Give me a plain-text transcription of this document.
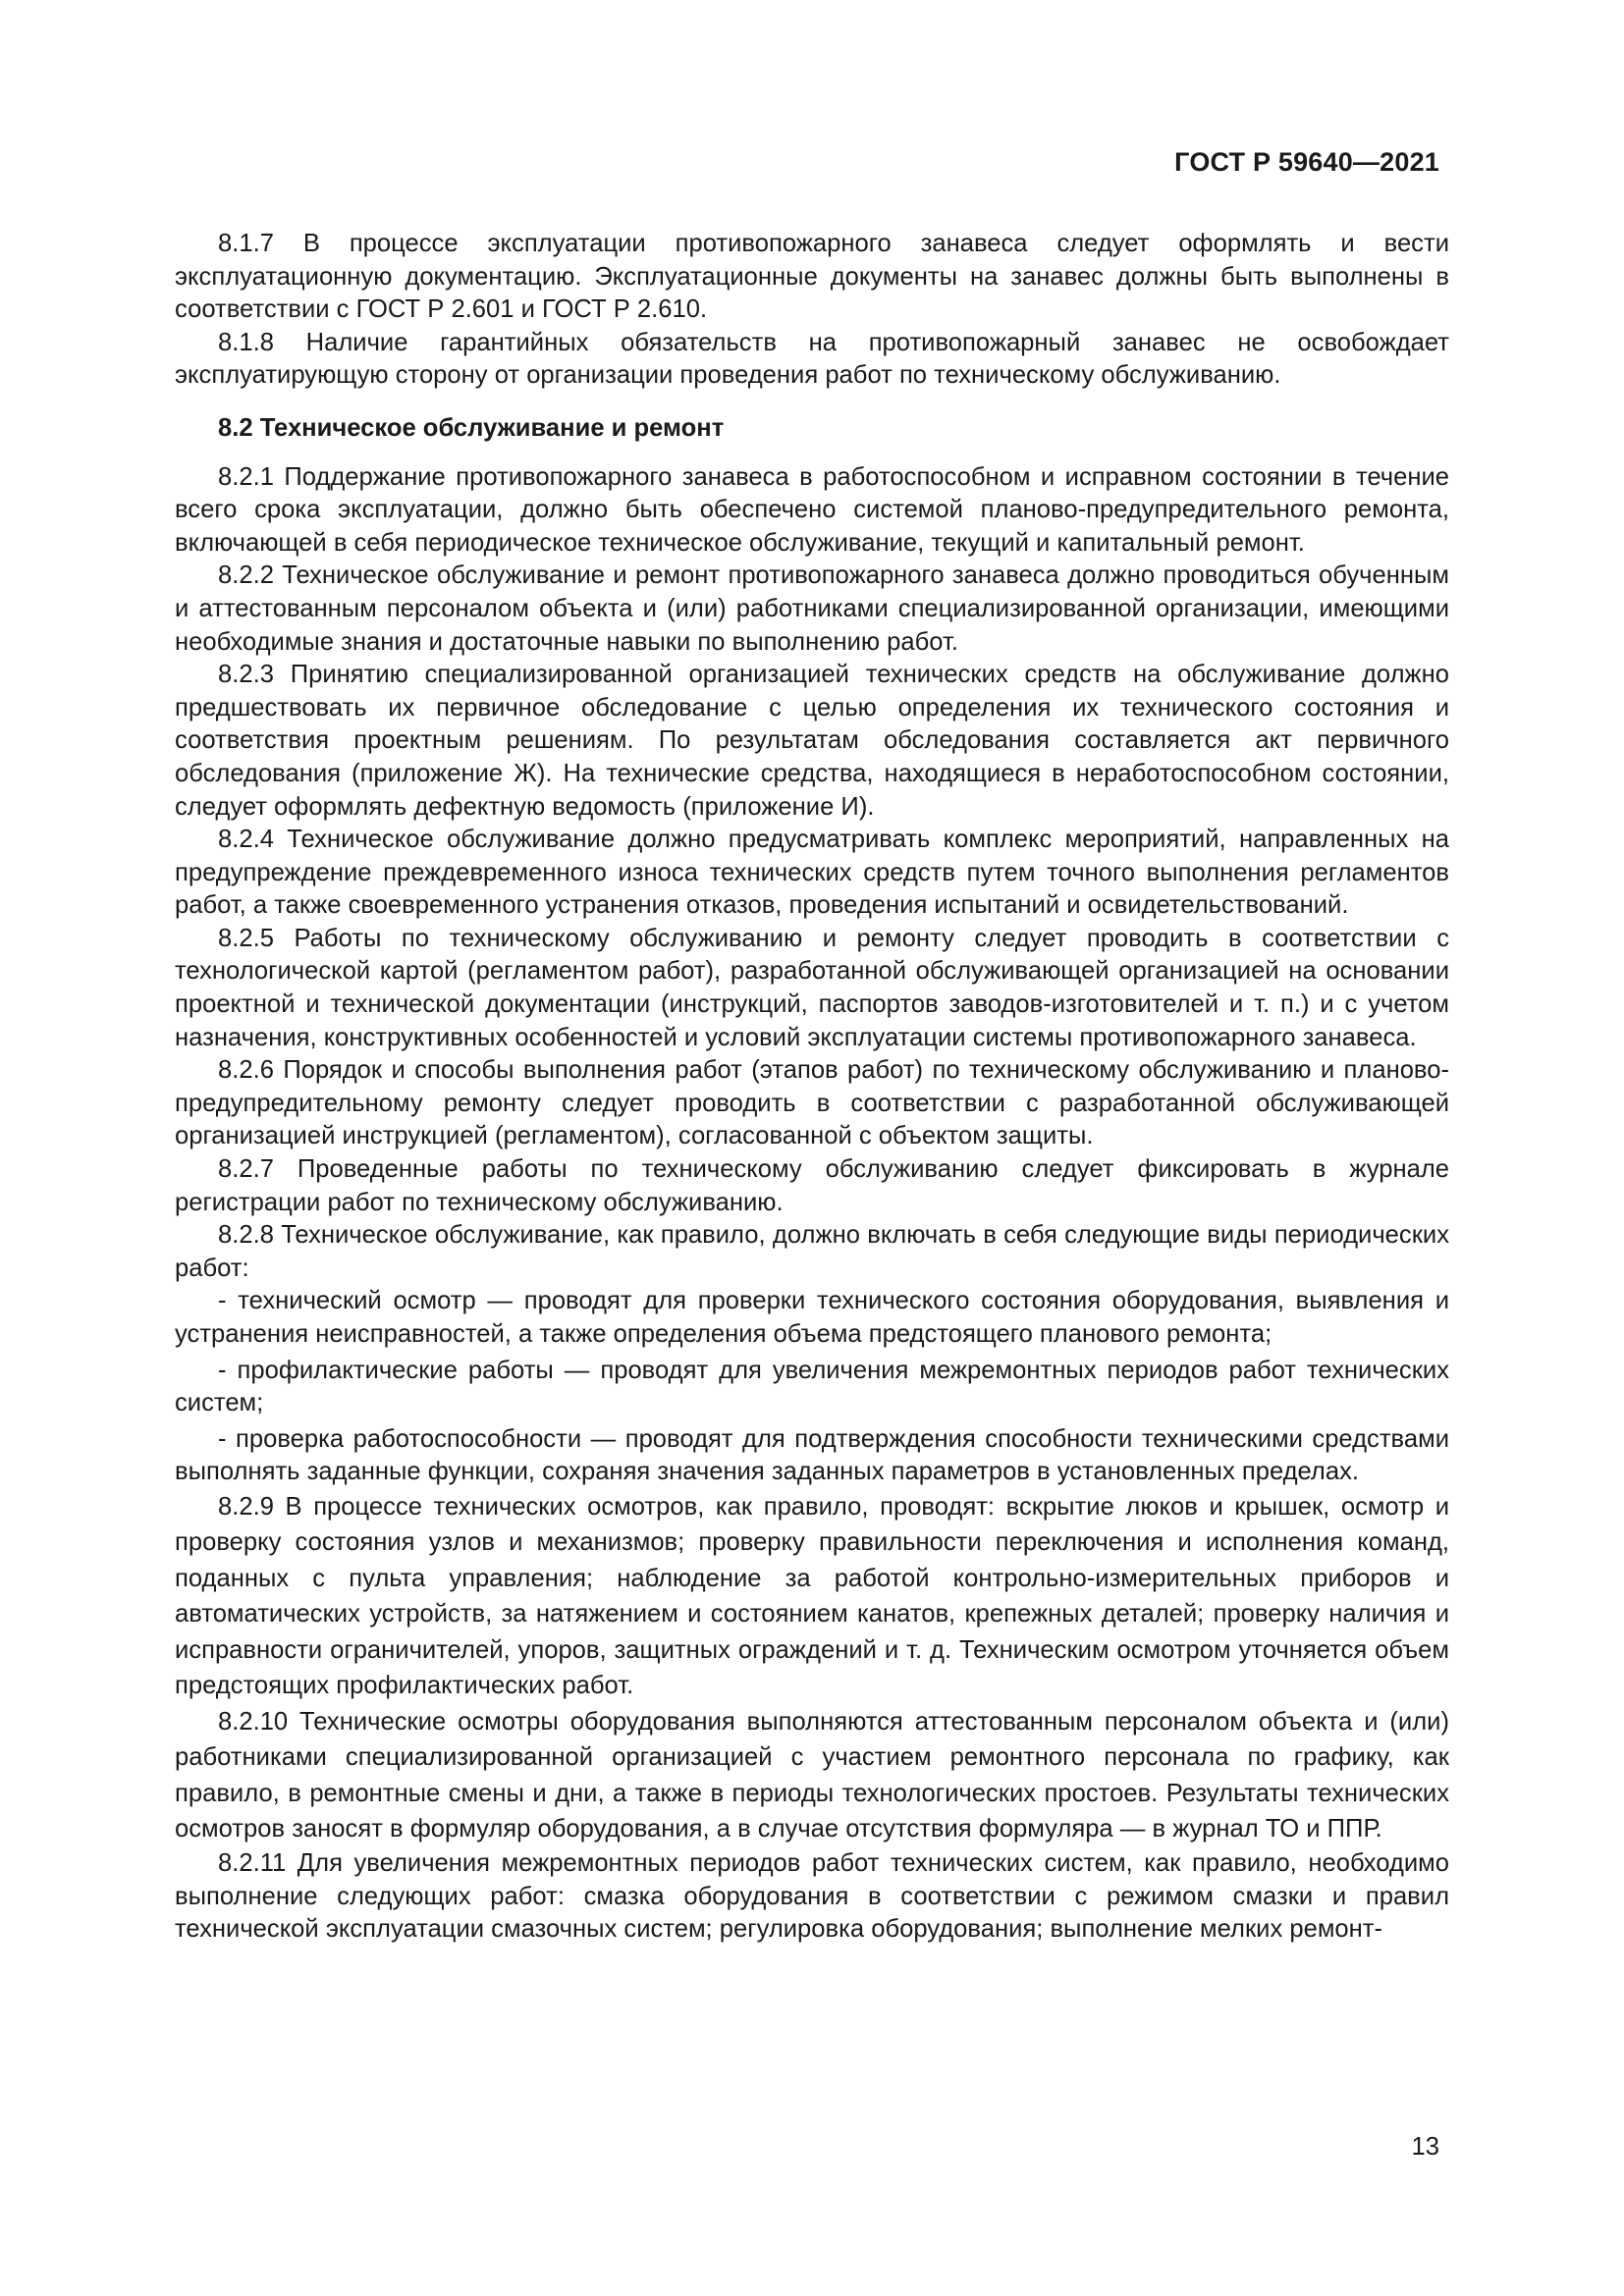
ГОСТ Р 59640—2021

8.1.7 В процессе эксплуатации противопожарного занавеса следует оформлять и вести эксплуатационную документацию. Эксплуатационные документы на занавес должны быть выполнены в соответствии с ГОСТ Р 2.601 и ГОСТ Р 2.610.

8.1.8 Наличие гарантийных обязательств на противопожарный занавес не освобождает эксплуатирующую сторону от организации проведения работ по техническому обслуживанию.

8.2 Техническое обслуживание и ремонт

8.2.1 Поддержание противопожарного занавеса в работоспособном и исправном состоянии в течение всего срока эксплуатации, должно быть обеспечено системой планово-предупредительного ремонта, включающей в себя периодическое техническое обслуживание, текущий и капитальный ремонт.

8.2.2 Техническое обслуживание и ремонт противопожарного занавеса должно проводиться обученным и аттестованным персоналом объекта и (или) работниками специализированной организации, имеющими необходимые знания и достаточные навыки по выполнению работ.

8.2.3 Принятию специализированной организацией технических средств на обслуживание должно предшествовать их первичное обследование с целью определения их технического состояния и соответствия проектным решениям. По результатам обследования составляется акт первичного обследования (приложение Ж). На технические средства, находящиеся в неработоспособном состоянии, следует оформлять дефектную ведомость (приложение И).

8.2.4 Техническое обслуживание должно предусматривать комплекс мероприятий, направленных на предупреждение преждевременного износа технических средств путем точного выполнения регламентов работ, а также своевременного устранения отказов, проведения испытаний и освидетельствований.

8.2.5 Работы по техническому обслуживанию и ремонту следует проводить в соответствии с технологической картой (регламентом работ), разработанной обслуживающей организацией на основании проектной и технической документации (инструкций, паспортов заводов-изготовителей и т. п.) и с учетом назначения, конструктивных особенностей и условий эксплуатации системы противопожарного занавеса.

8.2.6 Порядок и способы выполнения работ (этапов работ) по техническому обслуживанию и планово-предупредительному ремонту следует проводить в соответствии с разработанной обслуживающей организацией инструкцией (регламентом), согласованной с объектом защиты.

8.2.7 Проведенные работы по техническому обслуживанию следует фиксировать в журнале регистрации работ по техническому обслуживанию.

8.2.8 Техническое обслуживание, как правило, должно включать в себя следующие виды периодических работ:

- технический осмотр — проводят для проверки технического состояния оборудования, выявления и устранения неисправностей, а также определения объема предстоящего планового ремонта;

- профилактические работы — проводят для увеличения межремонтных периодов работ технических систем;

- проверка работоспособности — проводят для подтверждения способности техническими средствами выполнять заданные функции, сохраняя значения заданных параметров в установленных пределах.

8.2.9 В процессе технических осмотров, как правило, проводят: вскрытие люков и крышек, осмотр и проверку состояния узлов и механизмов; проверку правильности переключения и исполнения команд, поданных с пульта управления; наблюдение за работой контрольно-измерительных приборов и автоматических устройств, за натяжением и состоянием канатов, крепежных деталей; проверку наличия и исправности ограничителей, упоров, защитных ограждений и т. д. Техническим осмотром уточняется объем предстоящих профилактических работ.

8.2.10 Технические осмотры оборудования выполняются аттестованным персоналом объекта и (или) работниками специализированной организацией с участием ремонтного персонала по графику, как правило, в ремонтные смены и дни, а также в периоды технологических простоев. Результаты технических осмотров заносят в формуляр оборудования, а в случае отсутствия формуляра — в журнал ТО и ППР.

8.2.11 Для увеличения межремонтных периодов работ технических систем, как правило, необходимо выполнение следующих работ: смазка оборудования в соответствии с режимом смазки и правил технической эксплуатации смазочных систем; регулировка оборудования; выполнение мелких ремонт-

13
